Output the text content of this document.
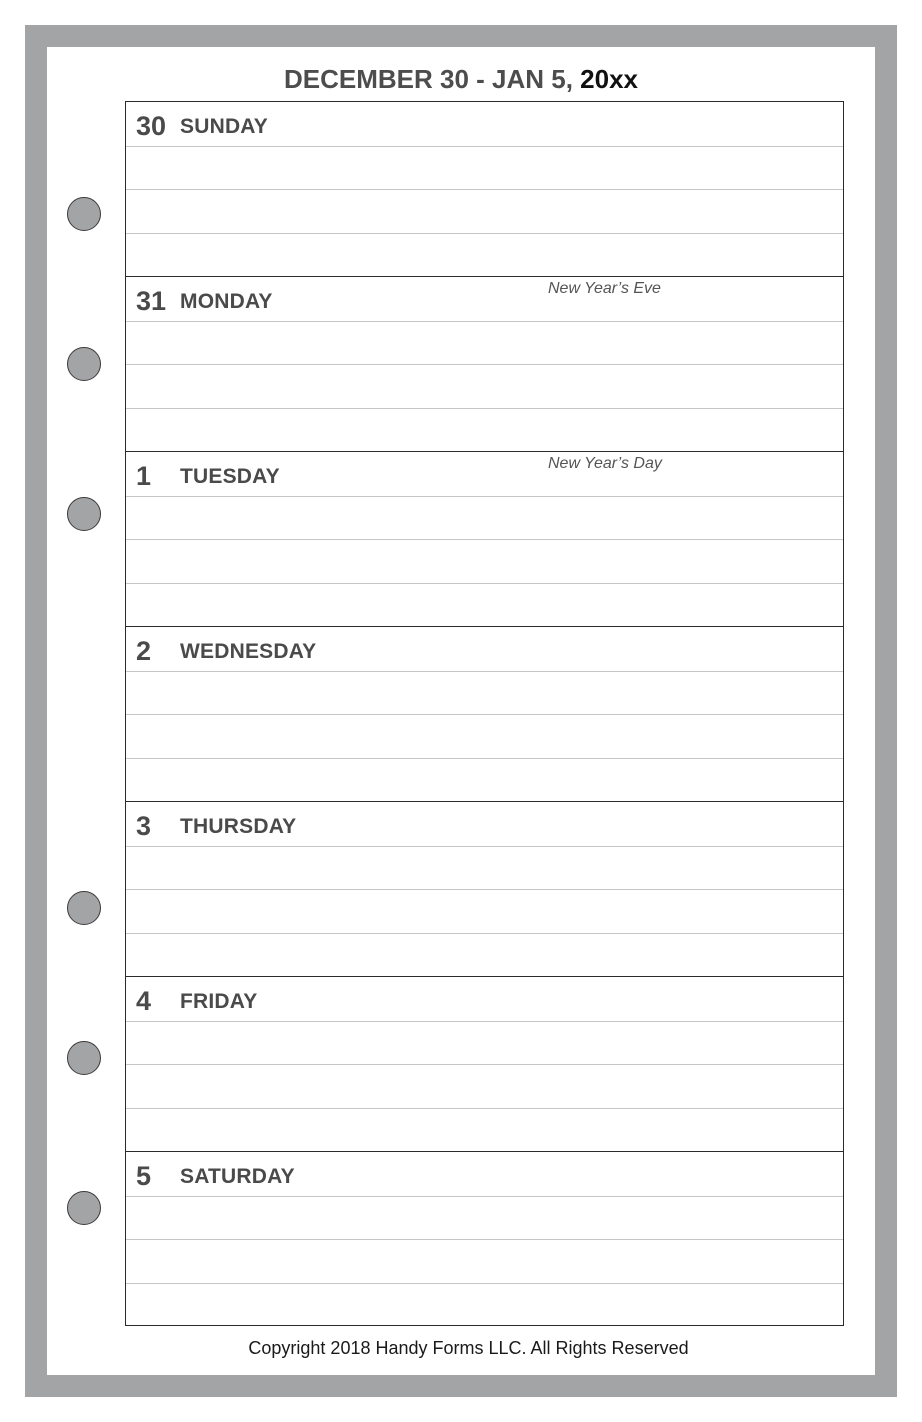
DECEMBER 30 - JAN 5, 20xx
30 SUNDAY
31 MONDAY
New Year’s Eve
1 TUESDAY
New Year’s Day
2 WEDNESDAY
3 THURSDAY
4 FRIDAY
5 SATURDAY
Copyright 2018 Handy Forms LLC. All Rights Reserved
